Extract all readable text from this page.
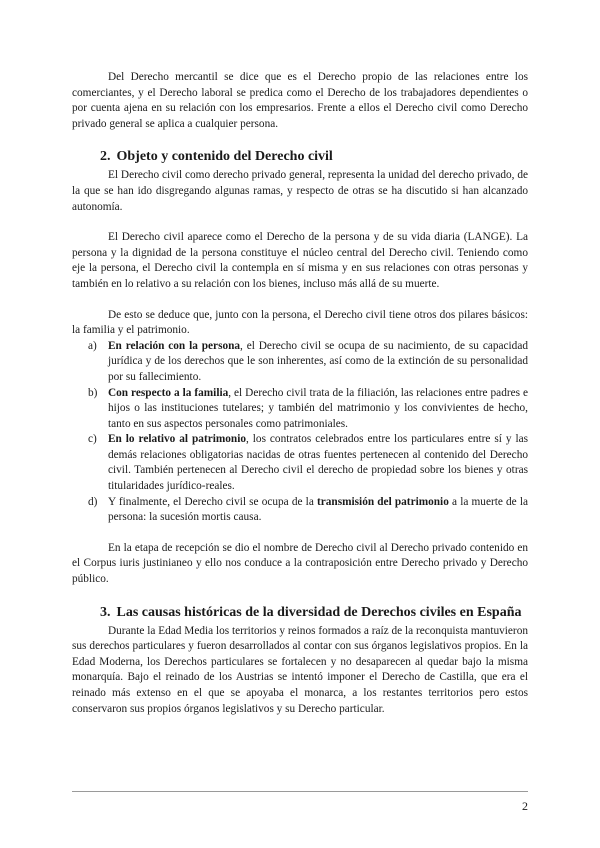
Del Derecho mercantil se dice que es el Derecho propio de las relaciones entre los comerciantes, y el Derecho laboral se predica como el Derecho de los trabajadores dependientes o por cuenta ajena en su relación con los empresarios. Frente a ellos el Derecho civil como Derecho privado general se aplica a cualquier persona.

2. Objeto y contenido del Derecho civil

El Derecho civil como derecho privado general, representa la unidad del derecho privado, de la que se han ido disgregando algunas ramas, y respecto de otras se ha discutido si han alcanzado autonomía.

El Derecho civil aparece como el Derecho de la persona y de su vida diaria (LANGE). La persona y la dignidad de la persona constituye el núcleo central del Derecho civil. Teniendo como eje la persona, el Derecho civil la contempla en sí misma y en sus relaciones con otras personas y también en lo relativo a su relación con los bienes, incluso más allá de su muerte.

De esto se deduce que, junto con la persona, el Derecho civil tiene otros dos pilares básicos: la familia y el patrimonio.

a) En relación con la persona, el Derecho civil se ocupa de su nacimiento, de su capacidad jurídica y de los derechos que le son inherentes, así como de la extinción de su personalidad por su fallecimiento.
b) Con respecto a la familia, el Derecho civil trata de la filiación, las relaciones entre padres e hijos o las instituciones tutelares; y también del matrimonio y los convivientes de hecho, tanto en sus aspectos personales como patrimoniales.
c) En lo relativo al patrimonio, los contratos celebrados entre los particulares entre sí y las demás relaciones obligatorias nacidas de otras fuentes pertenecen al contenido del Derecho civil. También pertenecen al Derecho civil el derecho de propiedad sobre los bienes y otras titularidades jurídico-reales.
d) Y finalmente, el Derecho civil se ocupa de la transmisión del patrimonio a la muerte de la persona: la sucesión mortis causa.

En la etapa de recepción se dio el nombre de Derecho civil al Derecho privado contenido en el Corpus iuris justinianeo y ello nos conduce a la contraposición entre Derecho privado y Derecho público.

3. Las causas históricas de la diversidad de Derechos civiles en España

Durante la Edad Media los territorios y reinos formados a raíz de la reconquista mantuvieron sus derechos particulares y fueron desarrollados al contar con sus órganos legislativos propios. En la Edad Moderna, los Derechos particulares se fortalecen y no desaparecen al quedar bajo la misma monarquía. Bajo el reinado de los Austrias se intentó imponer el Derecho de Castilla, que era el reinado más extenso en el que se apoyaba el monarca, a los restantes territorios pero estos conservaron sus propios órganos legislativos y su Derecho particular.

2
